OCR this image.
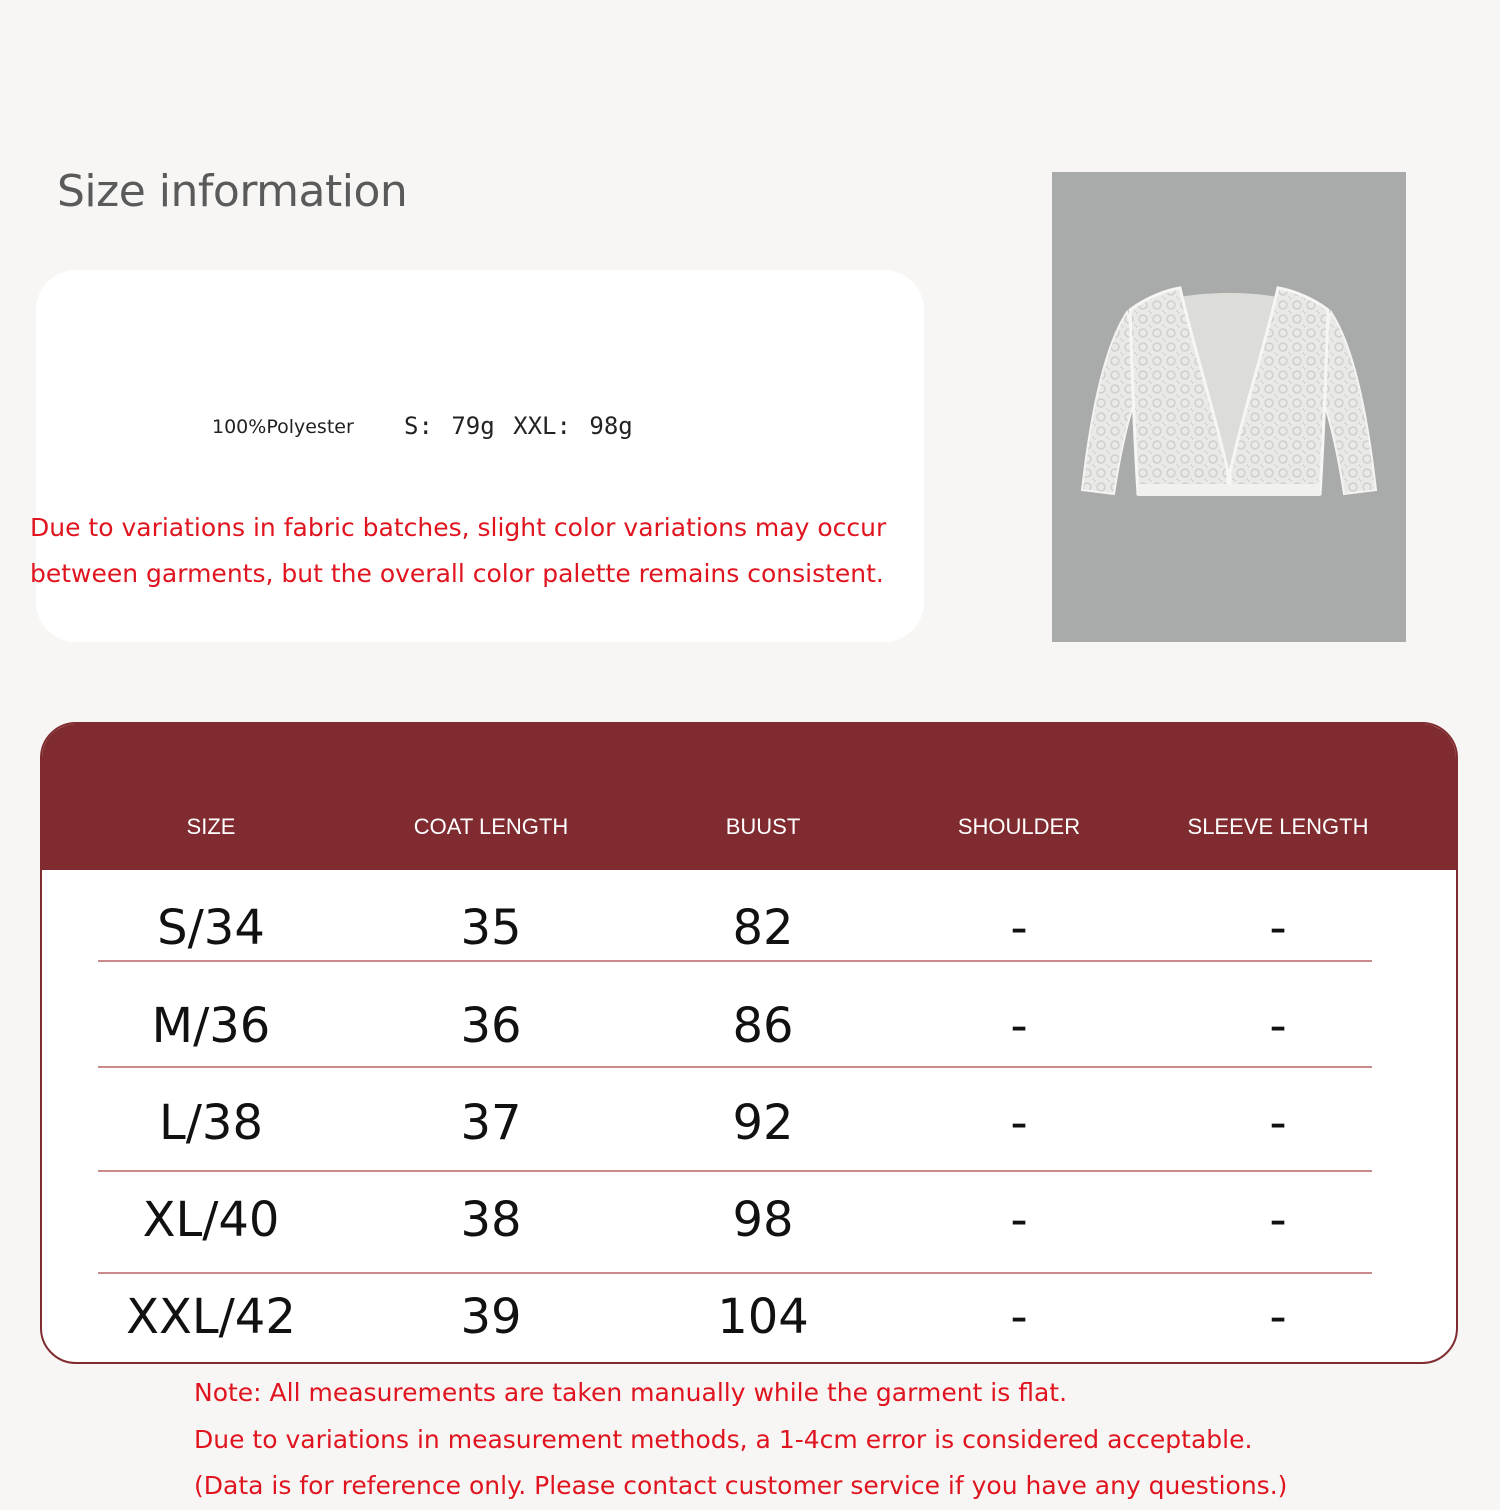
Size information
100%Polyester S: 79g XXL: 98g
Due to variations in fabric batches, slight color variations may occur between garments, but the overall color palette remains consistent.
SIZE	COAT LENGTH	BUUST	SHOULDER	SLEEVE LENGTH
S/34	35	82	-	-
M/36	36	86	-	-
L/38	37	92	-	-
XL/40	38	98	-	-
XXL/42	39	104	-	-
Note: All measurements are taken manually while the garment is flat.
Due to variations in measurement methods, a 1-4cm error is considered acceptable.
(Data is for reference only. Please contact customer service if you have any questions.)
